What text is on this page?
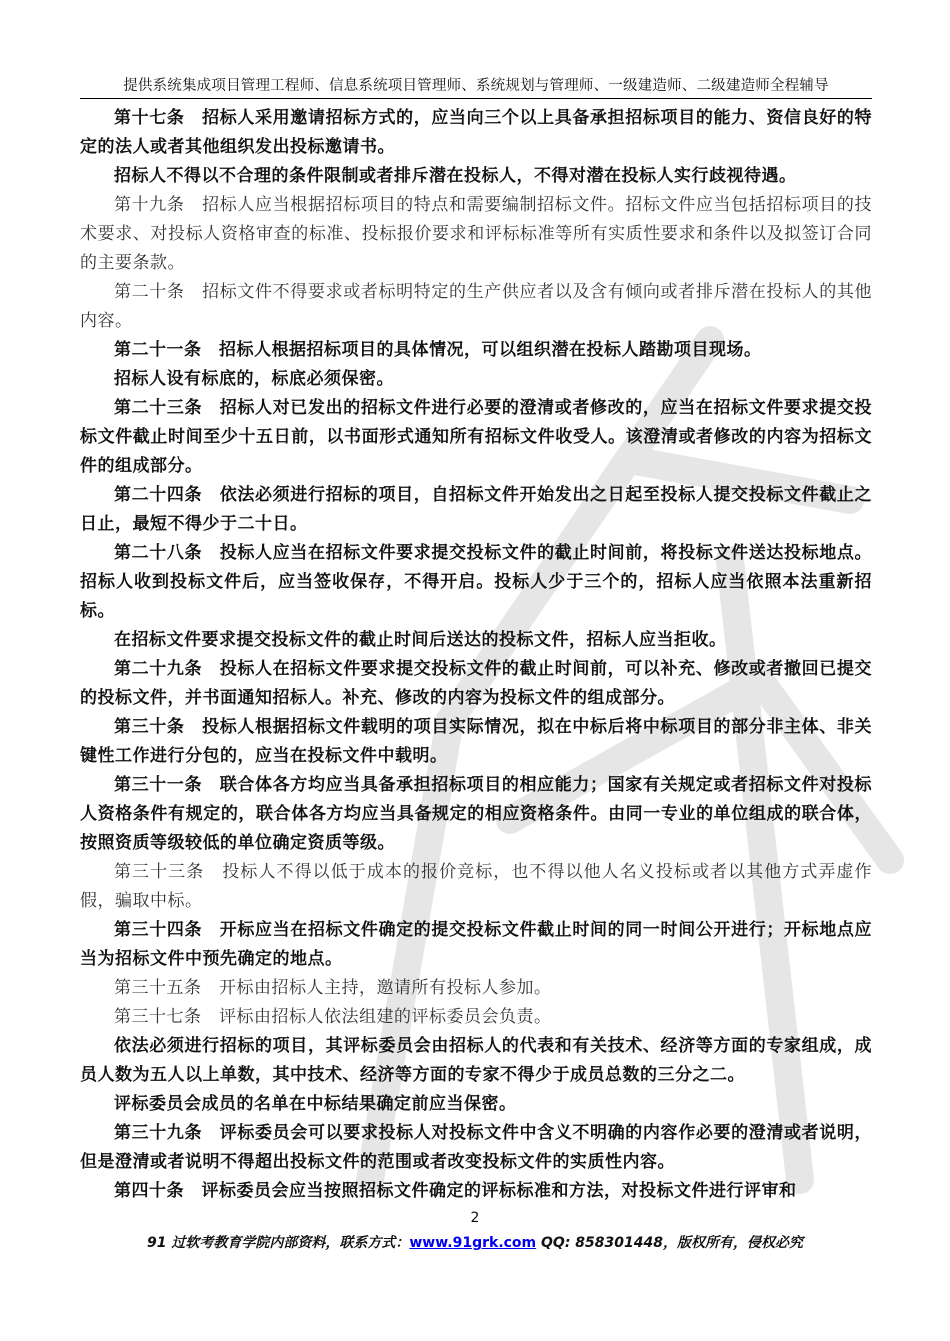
提供系统集成项目管理工程师、信息系统项目管理师、系统规划与管理师、一级建造师、二级建造师全程辅导

第十七条　招标人采用邀请招标方式的，应当向三个以上具备承担招标项目的能力、资信良好的特定的法人或者其他组织发出投标邀请书。

招标人不得以不合理的条件限制或者排斥潜在投标人，不得对潜在投标人实行歧视待遇。

第十九条　招标人应当根据招标项目的特点和需要编制招标文件。招标文件应当包括招标项目的技术要求、对投标人资格审查的标准、投标报价要求和评标标准等所有实质性要求和条件以及拟签订合同的主要条款。

第二十条　招标文件不得要求或者标明特定的生产供应者以及含有倾向或者排斥潜在投标人的其他内容。

第二十一条　招标人根据招标项目的具体情况，可以组织潜在投标人踏勘项目现场。

招标人设有标底的，标底必须保密。

第二十三条　招标人对已发出的招标文件进行必要的澄清或者修改的，应当在招标文件要求提交投标文件截止时间至少十五日前，以书面形式通知所有招标文件收受人。该澄清或者修改的内容为招标文件的组成部分。

第二十四条　依法必须进行招标的项目，自招标文件开始发出之日起至投标人提交投标文件截止之日止，最短不得少于二十日。

第二十八条　投标人应当在招标文件要求提交投标文件的截止时间前，将投标文件送达投标地点。招标人收到投标文件后，应当签收保存，不得开启。投标人少于三个的，招标人应当依照本法重新招标。

在招标文件要求提交投标文件的截止时间后送达的投标文件，招标人应当拒收。

第二十九条　投标人在招标文件要求提交投标文件的截止时间前，可以补充、修改或者撤回已提交的投标文件，并书面通知招标人。补充、修改的内容为投标文件的组成部分。

第三十条　投标人根据招标文件载明的项目实际情况，拟在中标后将中标项目的部分非主体、非关键性工作进行分包的，应当在投标文件中载明。

第三十一条　联合体各方均应当具备承担招标项目的相应能力；国家有关规定或者招标文件对投标人资格条件有规定的，联合体各方均应当具备规定的相应资格条件。由同一专业的单位组成的联合体，按照资质等级较低的单位确定资质等级。

第三十三条　投标人不得以低于成本的报价竞标，也不得以他人名义投标或者以其他方式弄虚作假，骗取中标。

第三十四条　开标应当在招标文件确定的提交投标文件截止时间的同一时间公开进行；开标地点应当为招标文件中预先确定的地点。

第三十五条　开标由招标人主持，邀请所有投标人参加。

第三十七条　评标由招标人依法组建的评标委员会负责。

依法必须进行招标的项目，其评标委员会由招标人的代表和有关技术、经济等方面的专家组成，成员人数为五人以上单数，其中技术、经济等方面的专家不得少于成员总数的三分之二。

评标委员会成员的名单在中标结果确定前应当保密。

第三十九条　评标委员会可以要求投标人对投标文件中含义不明确的内容作必要的澄清或者说明，但是澄清或者说明不得超出投标文件的范围或者改变投标文件的实质性内容。

第四十条　评标委员会应当按照招标文件确定的评标标准和方法，对投标文件进行评审和

2
91 过软考教育学院内部资料，联系方式：www.91grk.com QQ: 858301448，版权所有，侵权必究
